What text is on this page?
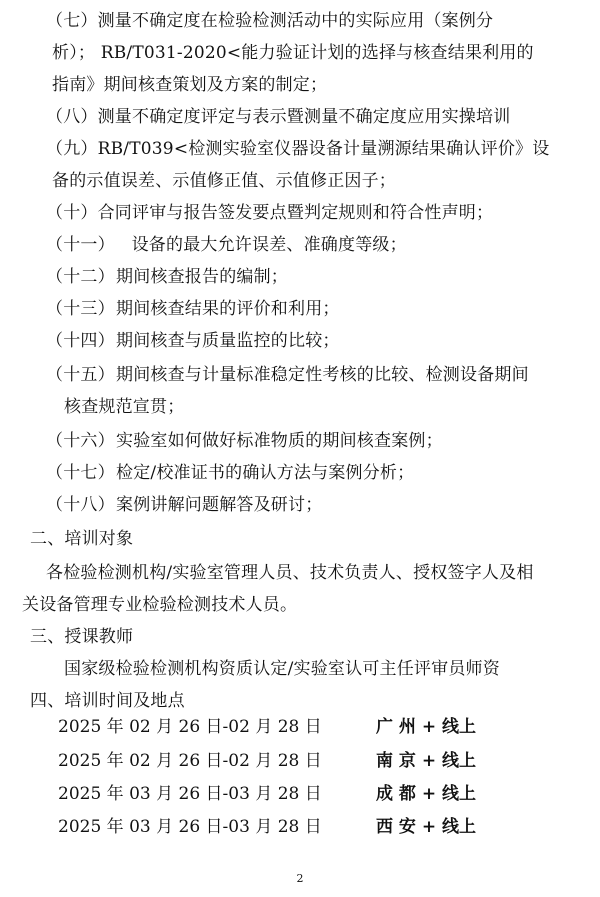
（七）测量不确定度在检验检测活动中的实际应用（案例分
析）； RB/T031-2020<能力验证计划的选择与核查结果利用的
指南》期间核查策划及方案的制定；
（八）测量不确定度评定与表示暨测量不确定度应用实操培训
（九）RB/T039<检测实验室仪器设备计量溯源结果确认评价》设
备的示值误差、示值修正值、示值修正因子；
（十）合同评审与报告签发要点暨判定规则和符合性声明；
（十一） 设备的最大允许误差、准确度等级；
（十二）期间核查报告的编制；
（十三）期间核查结果的评价和利用；
（十四）期间核查与质量监控的比较；
（十五）期间核查与计量标准稳定性考核的比较、检测设备期间
核查规范宣贯；
（十六）实验室如何做好标准物质的期间核查案例；
（十七）检定/校准证书的确认方法与案例分析；
（十八）案例讲解问题解答及研讨；
二、培训对象
各检验检测机构/实验室管理人员、技术负责人、授权签字人及相
关设备管理专业检验检测技术人员。
三、授课教师
国家级检验检测机构资质认定/实验室认可主任评审员师资
四、培训时间及地点
2025 年 02 月 26 日-02 月 28 日	广 州 + 线上
2025 年 02 月 26 日-02 月 28 日	南 京 + 线上
2025 年 03 月 26 日-03 月 28 日	成 都 + 线上
2025 年 03 月 26 日-03 月 28 日	西 安 + 线上
2
